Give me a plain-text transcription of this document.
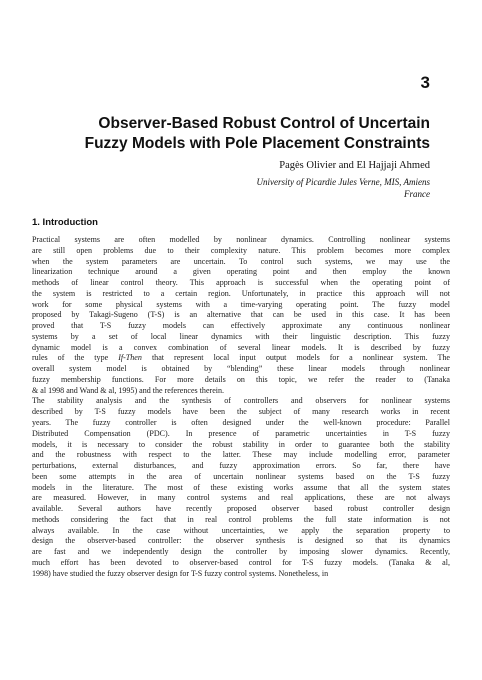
3
Observer-Based Robust Control of Uncertain
Fuzzy Models with Pole Placement Constraints
Pagès Olivier and El Hajjaji Ahmed
University of Picardie Jules Verne, MIS, Amiens
France
1. Introduction
Practical systems are often modelled by nonlinear dynamics. Controlling nonlinear systems
are still open problems due to their complexity nature. This problem becomes more complex
when the system parameters are uncertain. To control such systems, we may use the
linearization technique around a given operating point and then employ the known
methods of linear control theory. This approach is successful when the operating point of
the system is restricted to a certain region. Unfortunately, in practice this approach will not
work for some physical systems with a time-varying operating point. The fuzzy model
proposed by Takagi-Sugeno (T-S) is an alternative that can be used in this case. It has been
proved that T-S fuzzy models can effectively approximate any continuous nonlinear
systems by a set of local linear dynamics with their linguistic description. This fuzzy
dynamic model is a convex combination of several linear models. It is described by fuzzy
rules of the type If-Then that represent local input output models for a nonlinear system. The
overall system model is obtained by “blending” these linear models through nonlinear
fuzzy membership functions. For more details on this topic, we refer the reader to (Tanaka
& al 1998 and Wand & al, 1995) and the references therein.
The stability analysis and the synthesis of controllers and observers for nonlinear systems
described by T-S fuzzy models have been the subject of many research works in recent
years. The fuzzy controller is often designed under the well-known procedure: Parallel
Distributed Compensation (PDC). In presence of parametric uncertainties in T-S fuzzy
models, it is necessary to consider the robust stability in order to guarantee both the stability
and the robustness with respect to the latter. These may include modelling error, parameter
perturbations, external disturbances, and fuzzy approximation errors. So far, there have
been some attempts in the area of uncertain nonlinear systems based on the T-S fuzzy
models in the literature. The most of these existing works assume that all the system states
are measured. However, in many control systems and real applications, these are not always
available. Several authors have recently proposed observer based robust controller design
methods considering the fact that in real control problems the full state information is not
always available. In the case without uncertainties, we apply the separation property to
design the observer-based controller: the observer synthesis is designed so that its dynamics
are fast and we independently design the controller by imposing slower dynamics. Recently,
much effort has been devoted to observer-based control for T-S fuzzy models. (Tanaka & al,
1998) have studied the fuzzy observer design for T-S fuzzy control systems. Nonetheless, in
